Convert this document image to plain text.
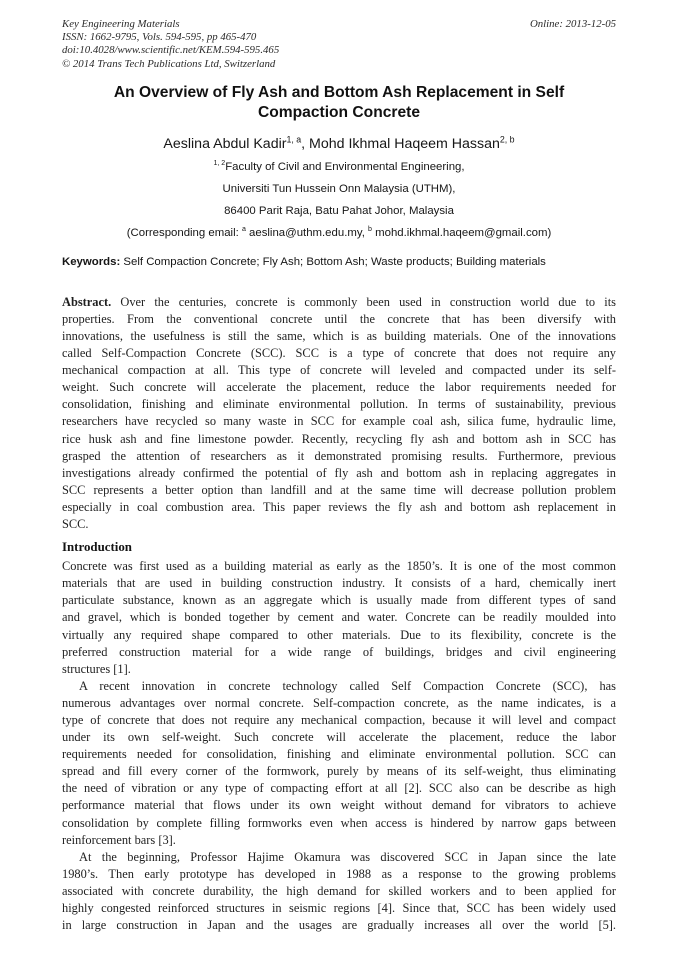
Key Engineering Materials
ISSN: 1662-9795, Vols. 594-595, pp 465-470
doi:10.4028/www.scientific.net/KEM.594-595.465
© 2014 Trans Tech Publications Ltd, Switzerland
Online: 2013-12-05
An Overview of Fly Ash and Bottom Ash Replacement in Self
Compaction Concrete
Aeslina Abdul Kadir$^{1, a}$, Mohd Ikhmal Haqeem Hassan$^{2, b}$
$^{1, 2}$Faculty of Civil and Environmental Engineering,
Universiti Tun Hussein Onn Malaysia (UTHM),
86400 Parit Raja, Batu Pahat Johor, Malaysia
(Corresponding email: $^a$ aeslina@uthm.edu.my, $^b$ mohd.ikhmal.haqeem@gmail.com)
Keywords: Self Compaction Concrete; Fly Ash; Bottom Ash; Waste products; Building materials
Abstract. Over the centuries, concrete is commonly been used in construction world due to its
properties. From the conventional concrete until the concrete that has been diversify with
innovations, the usefulness is still the same, which is as building materials. One of the innovations
called Self-Compaction Concrete (SCC). SCC is a type of concrete that does not require any
mechanical compaction at all. This type of concrete will leveled and compacted under its self-
weight. Such concrete will accelerate the placement, reduce the labor requirements needed for
consolidation, finishing and eliminate environmental pollution. In terms of sustainability, previous
researchers have recycled so many waste in SCC for example coal ash, silica fume, hydraulic lime,
rice husk ash and fine limestone powder. Recently, recycling fly ash and bottom ash in SCC has
grasped the attention of researchers as it demonstrated promising results. Furthermore, previous
investigations already confirmed the potential of fly ash and bottom ash in replacing aggregates in
SCC represents a better option than landfill and at the same time will decrease pollution problem
especially in coal combustion area. This paper reviews the fly ash and bottom ash replacement in
SCC.
Introduction
Concrete was first used as a building material as early as the 1850’s. It is one of the most common
materials that are used in building construction industry. It consists of a hard, chemically inert
particulate substance, known as an aggregate which is usually made from different types of sand
and gravel, which is bonded together by cement and water. Concrete can be readily moulded into
virtually any required shape compared to other materials. Due to its flexibility, concrete is the
preferred construction material for a wide range of buildings, bridges and civil engineering
structures [1].
A recent innovation in concrete technology called Self Compaction Concrete (SCC), has
numerous advantages over normal concrete. Self-compaction concrete, as the name indicates, is a
type of concrete that does not require any mechanical compaction, because it will level and compact
under its own self-weight. Such concrete will accelerate the placement, reduce the labor
requirements needed for consolidation, finishing and eliminate environmental pollution. SCC can
spread and fill every corner of the formwork, purely by means of its self-weight, thus eliminating
the need of vibration or any type of compacting effort at all [2]. SCC also can be describe as high
performance material that flows under its own weight without demand for vibrators to achieve
consolidation by complete filling formworks even when access is hindered by narrow gaps between
reinforcement bars [3].
At the beginning, Professor Hajime Okamura was discovered SCC in Japan since the late
1980’s. Then early prototype has developed in 1988 as a response to the growing problems
associated with concrete durability, the high demand for skilled workers and to been applied for
highly congested reinforced structures in seismic regions [4]. Since that, SCC has been widely used
in large construction in Japan and the usages are gradually increases all over the world [5].
